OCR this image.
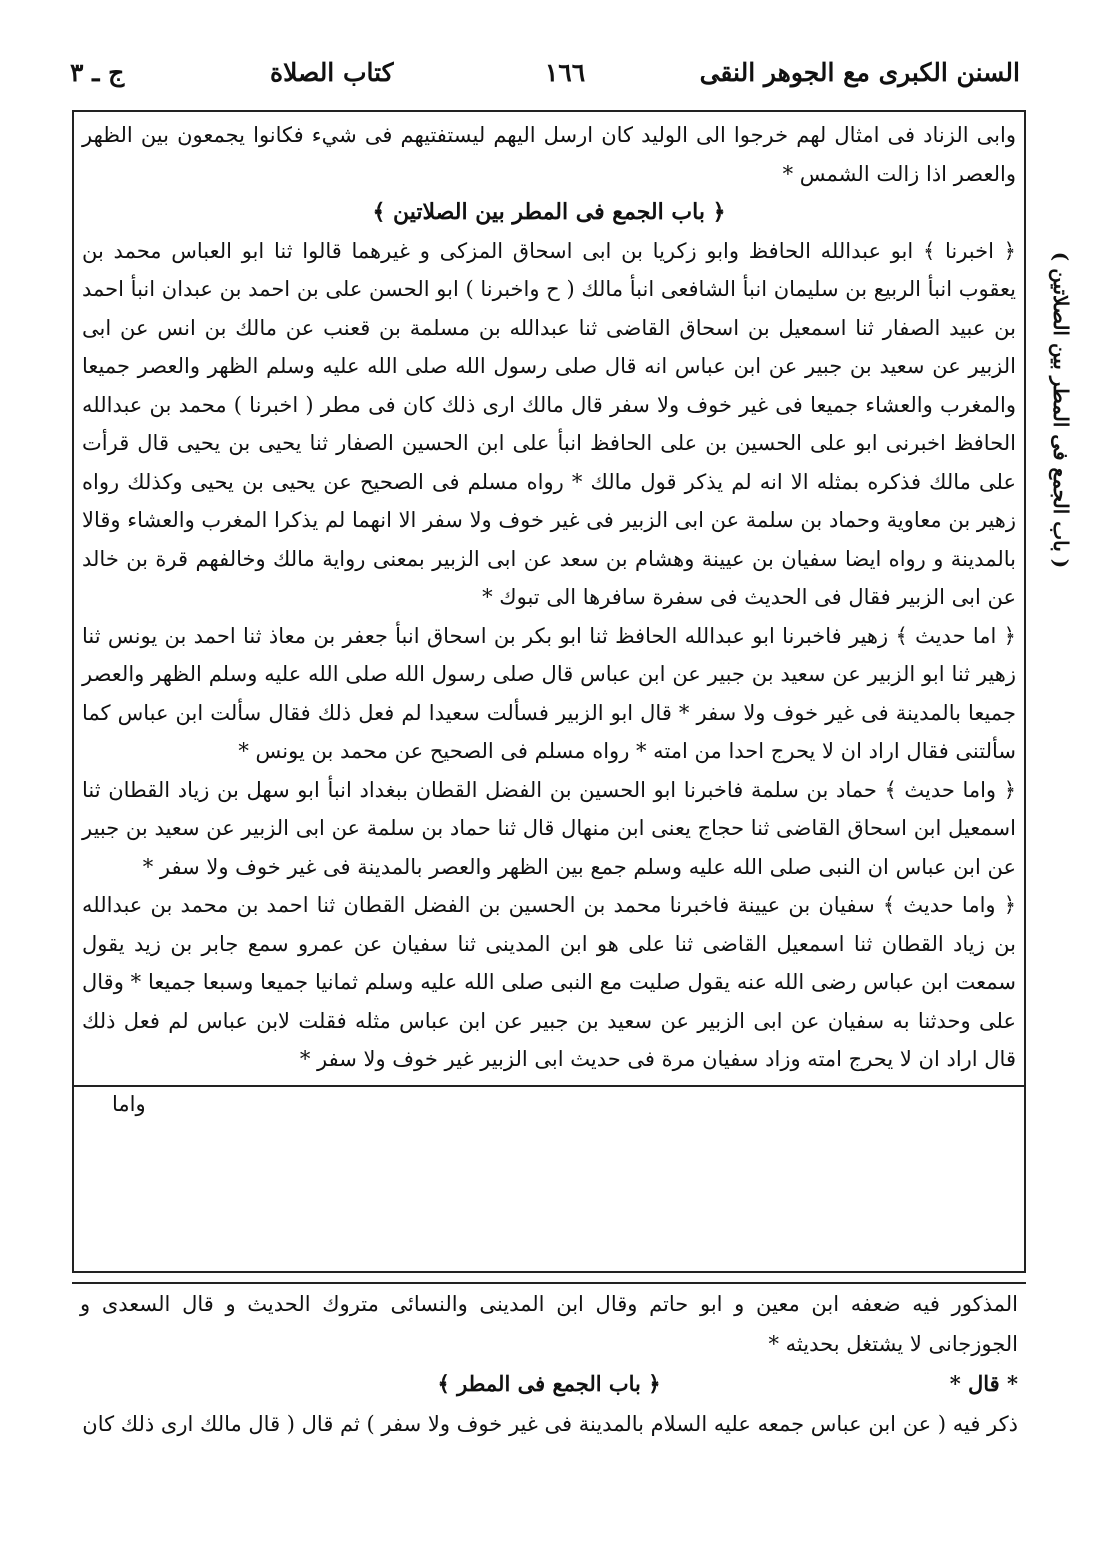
السنن الكبرى مع الجوهر النقى
١٦٦
كتاب الصلاة
ج ـ ٣

وابى الزناد فى امثال لهم خرجوا الى الوليد كان ارسل اليهم ليستفتيهم فى شيء فكانوا يجمعون بين الظهر والعصر اذا زالت الشمس *

﴿ باب الجمع فى المطر بين الصلاتين ﴾

﴿ اخبرنا ﴾ ابو عبدالله الحافظ وابو زكريا بن ابى اسحاق المزكى و غيرهما قالوا ثنا ابو العباس محمد بن يعقوب انبأ الربيع بن سليمان انبأ الشافعى انبأ مالك ( ح واخبرنا ) ابو الحسن على بن احمد بن عبدان انبأ احمد بن عبيد الصفار ثنا اسمعيل بن اسحاق القاضى ثنا عبدالله بن مسلمة بن قعنب عن مالك بن انس عن ابى الزبير عن سعيد بن جبير عن ابن عباس انه قال صلى رسول الله صلى الله عليه وسلم الظهر والعصر جميعا والمغرب والعشاء جميعا فى غير خوف ولا سفر قال مالك ارى ذلك كان فى مطر ( اخبرنا ) محمد بن عبدالله الحافظ اخبرنى ابو على الحسين بن على الحافظ انبأ على ابن الحسين الصفار ثنا يحيى بن يحيى قال قرأت على مالك فذكره بمثله الا انه لم يذكر قول مالك * رواه مسلم فى الصحيح عن يحيى بن يحيى وكذلك رواه زهير بن معاوية وحماد بن سلمة عن ابى الزبير فى غير خوف ولا سفر الا انهما لم يذكرا المغرب والعشاء وقالا بالمدينة و رواه ايضا سفيان بن عيينة وهشام بن سعد عن ابى الزبير بمعنى رواية مالك وخالفهم قرة بن خالد عن ابى الزبير فقال فى الحديث فى سفرة سافرها الى تبوك *

﴿ اما حديث ﴾ زهير فاخبرنا ابو عبدالله الحافظ ثنا ابو بكر بن اسحاق انبأ جعفر بن معاذ ثنا احمد بن يونس ثنا زهير ثنا ابو الزبير عن سعيد بن جبير عن ابن عباس قال صلى رسول الله صلى الله عليه وسلم الظهر والعصر جميعا بالمدينة فى غير خوف ولا سفر * قال ابو الزبير فسألت سعيدا لم فعل ذلك فقال سألت ابن عباس كما سألتنى فقال اراد ان لا يحرج احدا من امته * رواه مسلم فى الصحيح عن محمد بن يونس *

﴿ واما حديث ﴾ حماد بن سلمة فاخبرنا ابو الحسين بن الفضل القطان ببغداد انبأ ابو سهل بن زياد القطان ثنا اسمعيل ابن اسحاق القاضى ثنا حجاج يعنى ابن منهال قال ثنا حماد بن سلمة عن ابى الزبير عن سعيد بن جبير عن ابن عباس ان النبى صلى الله عليه وسلم جمع بين الظهر والعصر بالمدينة فى غير خوف ولا سفر *

﴿ واما حديث ﴾ سفيان بن عيينة فاخبرنا محمد بن الحسين بن الفضل القطان ثنا احمد بن محمد بن عبدالله بن زياد القطان ثنا اسمعيل القاضى ثنا على هو ابن المدينى ثنا سفيان عن عمرو سمع جابر بن زيد يقول سمعت ابن عباس رضى الله عنه يقول صليت مع النبى صلى الله عليه وسلم ثمانيا جميعا وسبعا جميعا * وقال على وحدثنا به سفيان عن ابى الزبير عن سعيد بن جبير عن ابن عباس مثله فقلت لابن عباس لم فعل ذلك قال اراد ان لا يحرج امته وزاد سفيان مرة فى حديث ابى الزبير غير خوف ولا سفر *

واما

( باب الجمع فى المطر بين الصلاتين )

المذكور فيه ضعفه ابن معين و ابو حاتم وقال ابن المدينى والنسائى متروك الحديث و قال السعدى و الجوزجانى لا يشتغل بحديثه *

* قال *
﴿ باب الجمع فى المطر ﴾

ذكر فيه ( عن ابن عباس جمعه عليه السلام بالمدينة فى غير خوف ولا سفر ) ثم قال ( قال مالك ارى ذلك كان
